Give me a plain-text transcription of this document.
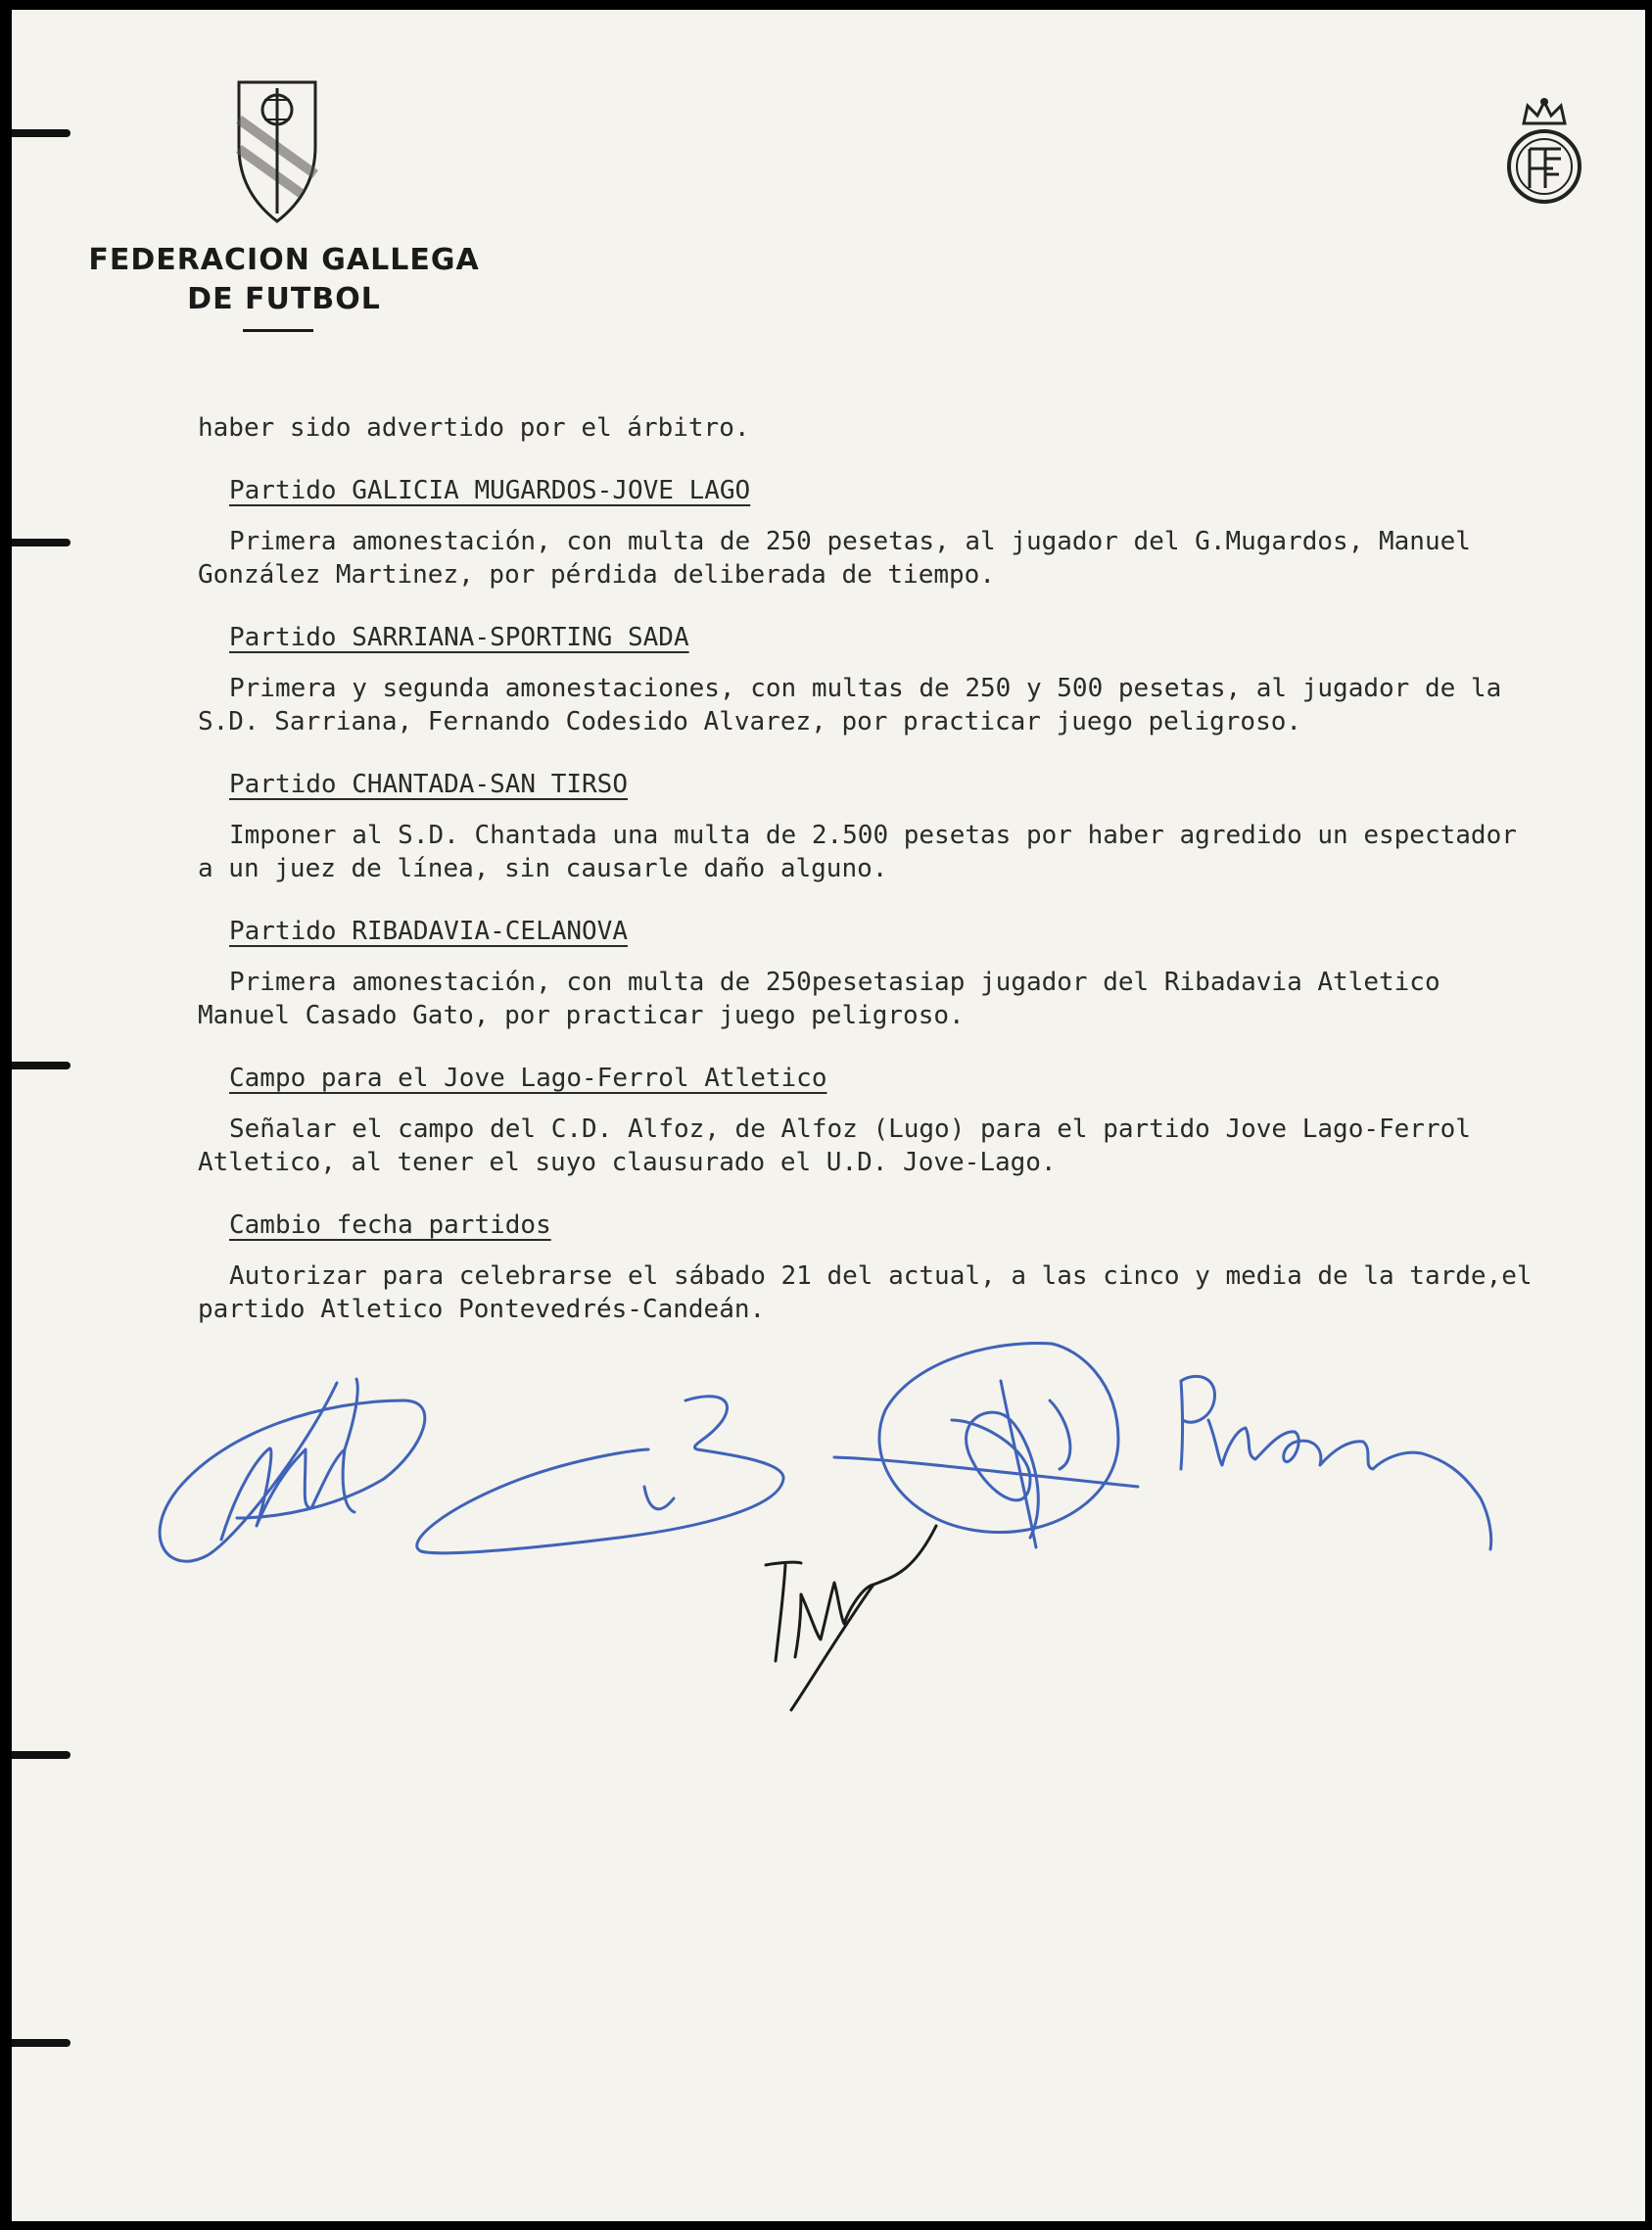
FEDERACION GALLEGA
DE FUTBOL

haber sido advertido por el árbitro.

Partido GALICIA MUGARDOS-JOVE LAGO

Primera amonestación, con multa de 250 pesetas, al jugador del G.Mugardos, Manuel

González Martinez, por pérdida deliberada de tiempo.

Partido SARRIANA-SPORTING SADA

Primera y segunda amonestaciones, con multas de 250 y 500 pesetas, al jugador de la

S.D. Sarriana, Fernando Codesido Alvarez, por practicar juego peligroso.

Partido CHANTADA-SAN TIRSO

Imponer al S.D. Chantada una multa de 2.500 pesetas por haber agredido un espectador

a un juez de línea, sin causarle daño alguno.

Partido RIBADAVIA-CELANOVA

Primera amonestación, con multa de 250pesetasiap jugador del Ribadavia Atletico

Manuel Casado Gato, por practicar juego peligroso.

Campo para el Jove Lago-Ferrol Atletico

Señalar el campo del C.D. Alfoz, de Alfoz (Lugo) para el partido Jove Lago-Ferrol

Atletico, al tener el suyo clausurado el U.D. Jove-Lago.

Cambio fecha partidos

Autorizar para celebrarse el sábado 21 del actual, a las cinco y media de la tarde,el

partido Atletico Pontevedrés-Candeán.
